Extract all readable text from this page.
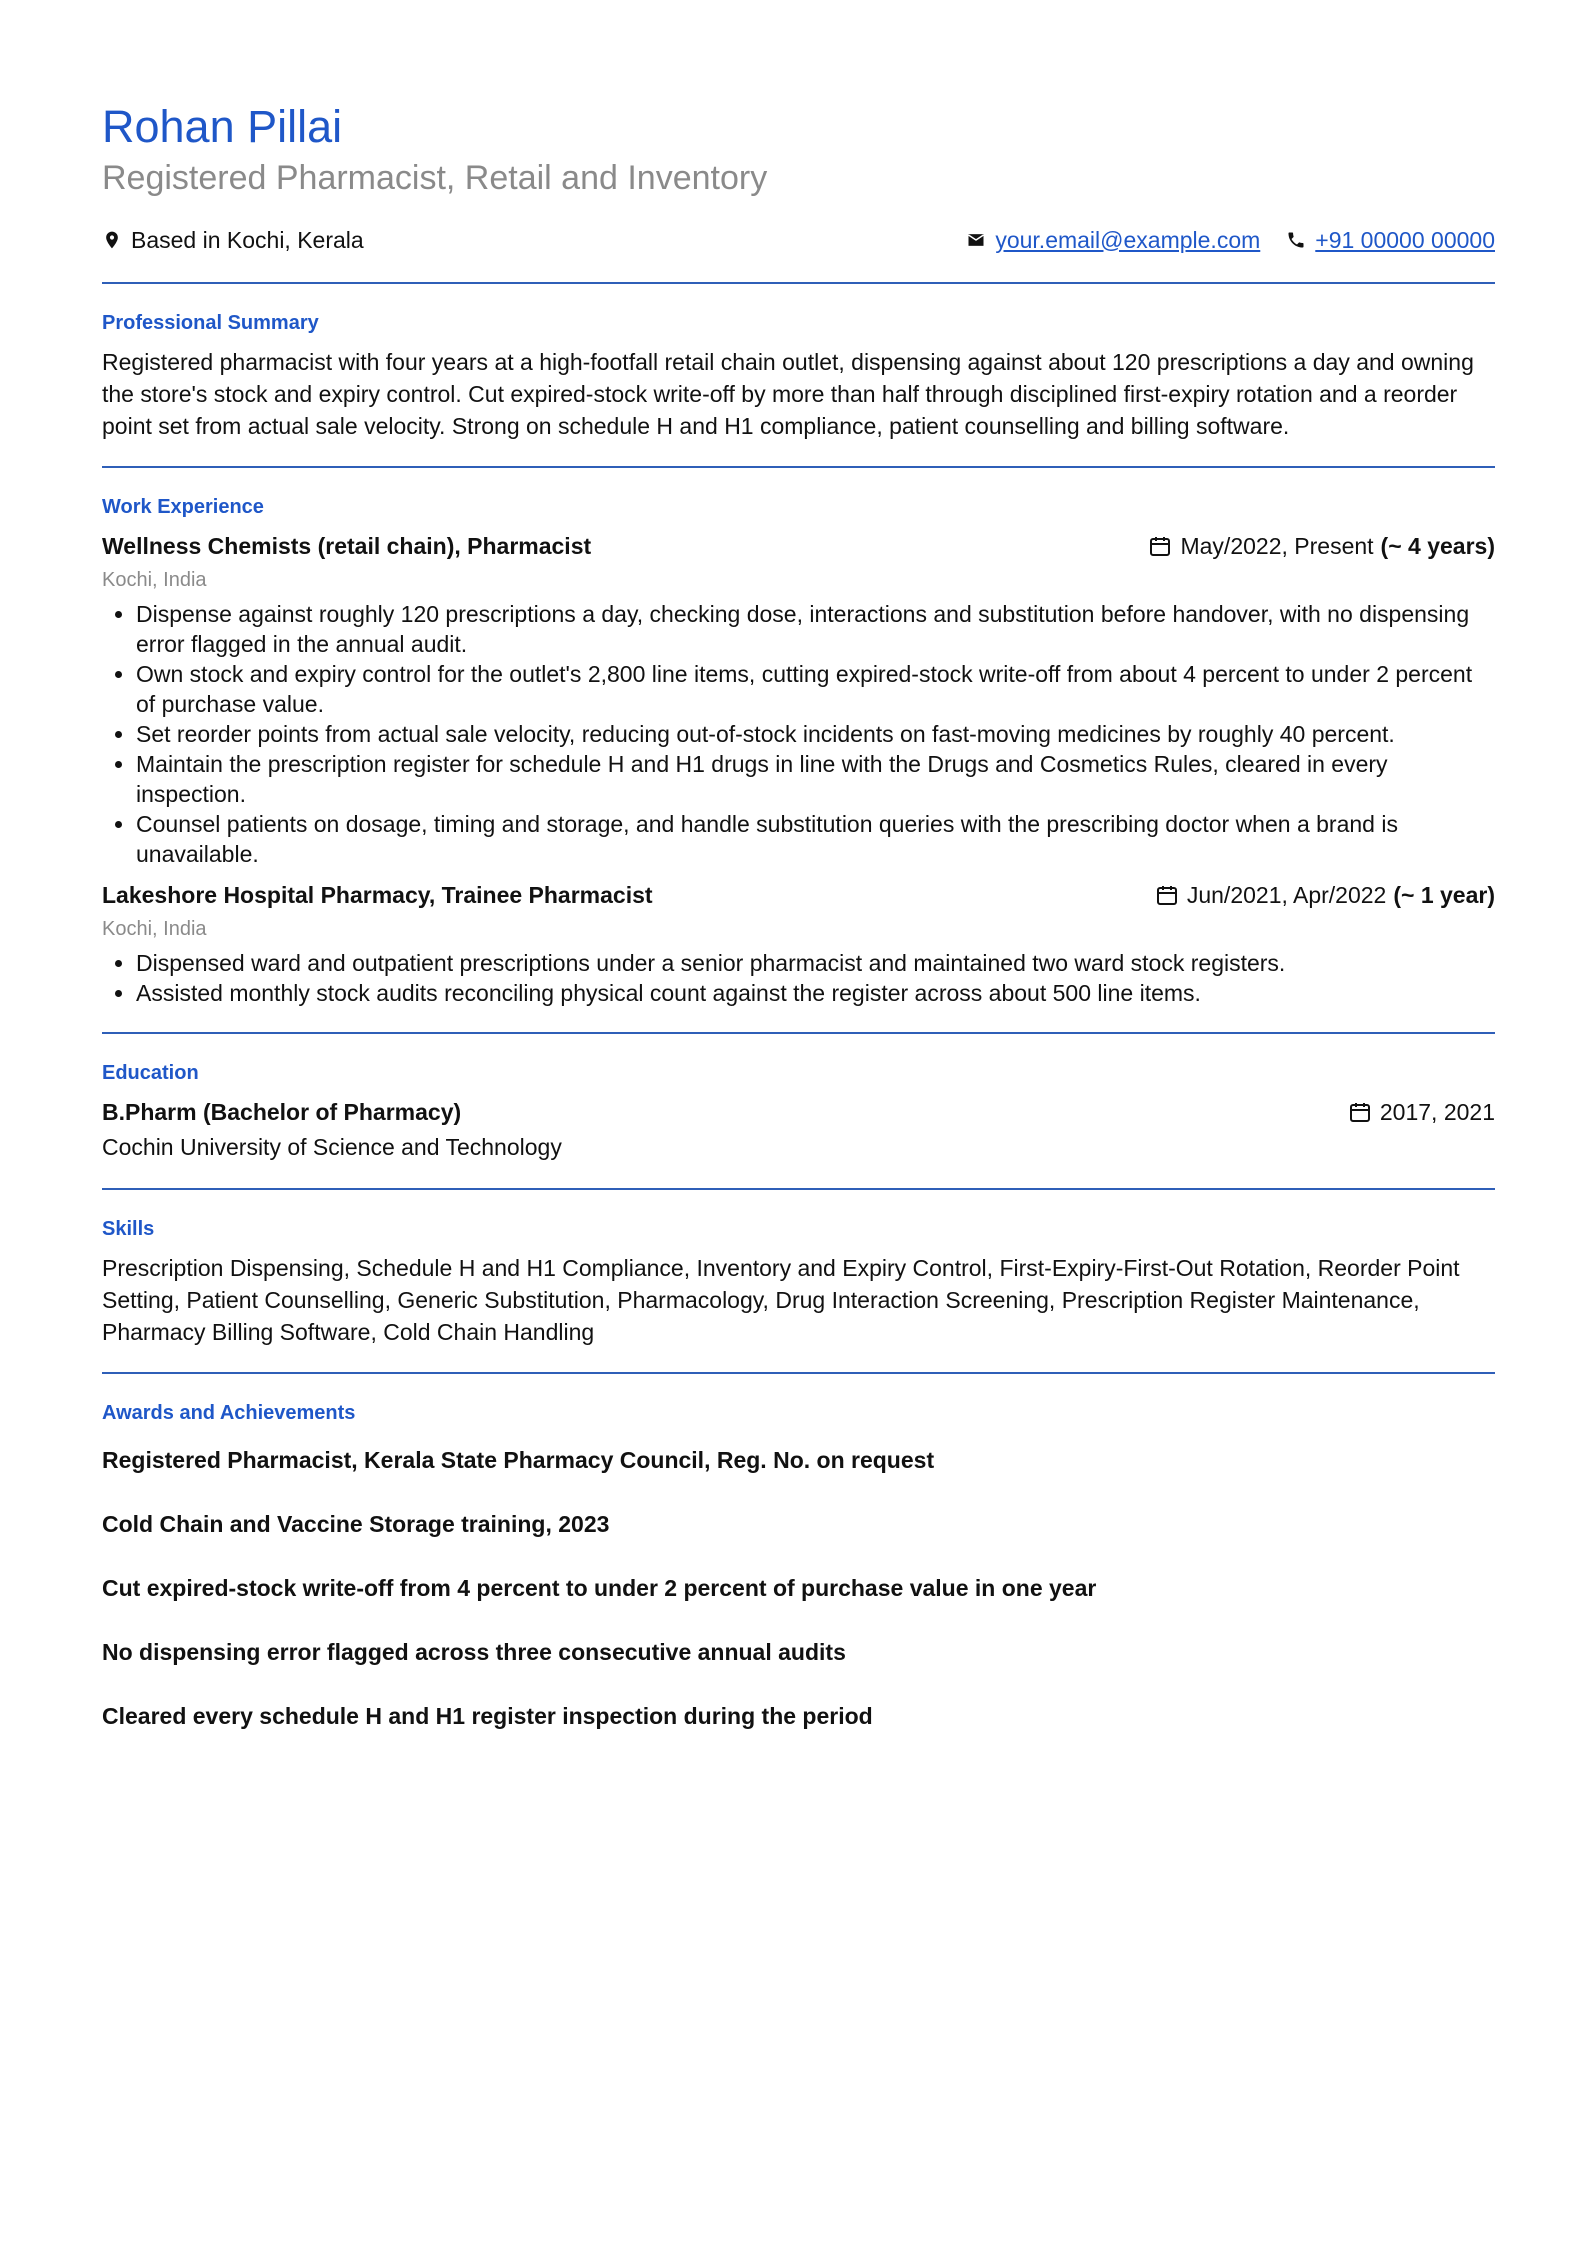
Rohan Pillai

Registered Pharmacist, Retail and Inventory

Based in Kochi, Kerala	your.email@example.com +91 00000 00000
Professional Summary

Registered pharmacist with four years at a high-footfall retail chain outlet, dispensing against about 120 prescriptions a day and owning the store's stock and expiry control. Cut expired-stock write-off by more than half through disciplined first-expiry rotation and a reorder point set from actual sale velocity. Strong on schedule H and H1 compliance, patient counselling and billing software.

Work Experience
Wellness Chemists (retail chain), Pharmacist	May/2022, Present (~ 4 years)
Kochi, India
• Dispense against roughly 120 prescriptions a day, checking dose, interactions and substitution before handover, with no dispensing error flagged in the annual audit.
• Own stock and expiry control for the outlet's 2,800 line items, cutting expired-stock write-off from about 4 percent to under 2 percent of purchase value.
• Set reorder points from actual sale velocity, reducing out-of-stock incidents on fast-moving medicines by roughly 40 percent.
• Maintain the prescription register for schedule H and H1 drugs in line with the Drugs and Cosmetics Rules, cleared in every inspection.
• Counsel patients on dosage, timing and storage, and handle substitution queries with the prescribing doctor when a brand is unavailable.
Lakeshore Hospital Pharmacy, Trainee Pharmacist	Jun/2021, Apr/2022 (~ 1 year)
Kochi, India
• Dispensed ward and outpatient prescriptions under a senior pharmacist and maintained two ward stock registers.
• Assisted monthly stock audits reconciling physical count against the register across about 500 line items.
Education
B.Pharm (Bachelor of Pharmacy)	2017, 2021

Cochin University of Science and Technology

Skills

Prescription Dispensing, Schedule H and H1 Compliance, Inventory and Expiry Control, First-Expiry-First-Out Rotation, Reorder Point Setting, Patient Counselling, Generic Substitution, Pharmacology, Drug Interaction Screening, Prescription Register Maintenance, Pharmacy Billing Software, Cold Chain Handling

Awards and Achievements

Registered Pharmacist, Kerala State Pharmacy Council, Reg. No. on request

Cold Chain and Vaccine Storage training, 2023

Cut expired-stock write-off from 4 percent to under 2 percent of purchase value in one year

No dispensing error flagged across three consecutive annual audits

Cleared every schedule H and H1 register inspection during the period
